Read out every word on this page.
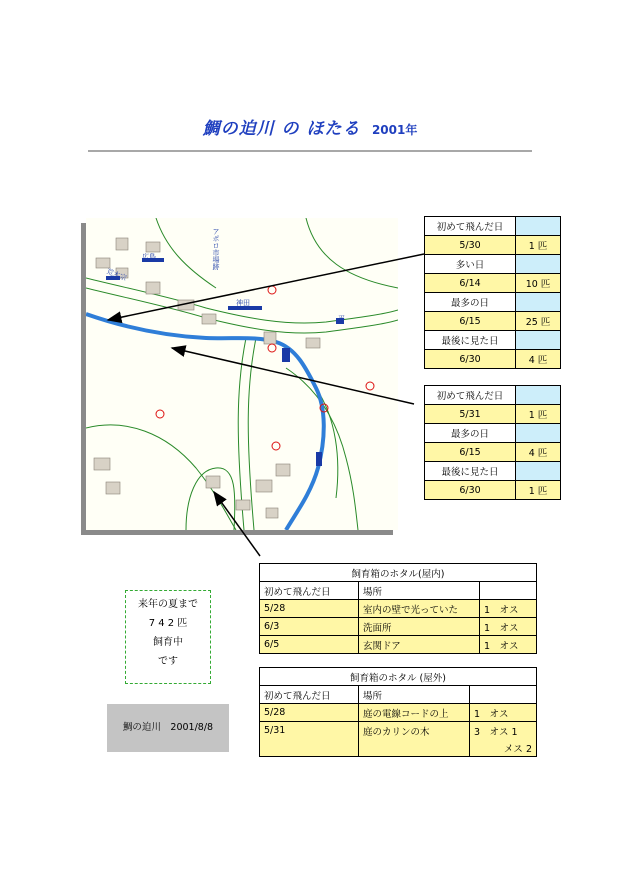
鯛の迫川 の ほたる 2001年
アポロ市場跡
荒木宗
広島
神田
平
初めて飛んだ日	
5/30	1 匹
多い日	
6/14	10 匹
最多の日	
6/15	25 匹
最後に見た日	
6/30	4 匹
初めて飛んだ日	
5/31	1 匹
最多の日	
6/15	4 匹
最後に見た日	
6/30	1 匹
飼育箱のホタル(屋内)		
初めて飛んだ日	場所	
5/28	室内の壁で光っていた	1　オス
6/3	洗面所	1　オス
6/5	玄関ドア	1　オス
飼育箱のホタル (屋外)		
初めて飛んだ日	場所	
5/28	庭の電線コードの上	1　オス
5/31	庭のカリンの木	3　オス 1
		メス 2
来年の夏まで
7 4 2 匹
飼育中
です
鯛の迫川　2001/8/8
